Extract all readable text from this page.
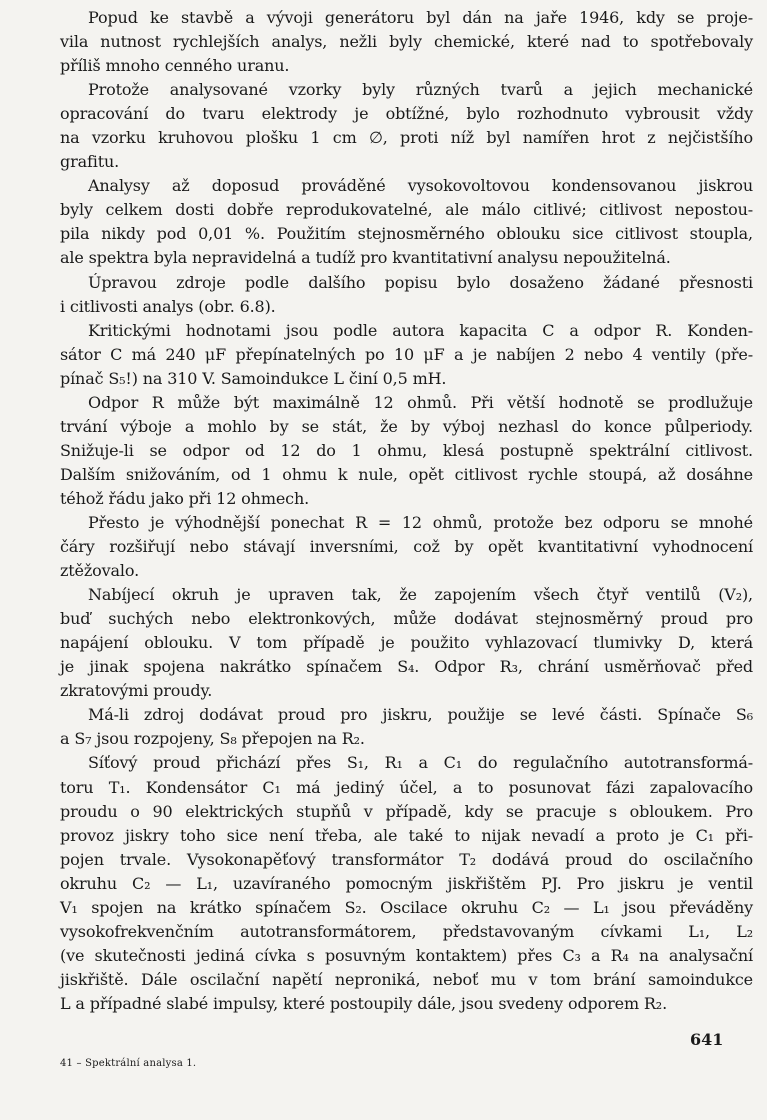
Popud ke stavbě a vývoji generátoru byl dán na jaře 1946, kdy se proje-
vila nutnost rychlejších analys, nežli byly chemické, které nad to spotřebovaly
příliš mnoho cenného uranu.
Protože analysované vzorky byly různých tvarů a jejich mechanické
opracování do tvaru elektrody je obtížné, bylo rozhodnuto vybrousit vždy
na vzorku kruhovou plošku 1 cm ∅, proti níž byl namířen hrot z nejčistšího
grafitu.
Analysy až doposud prováděné vysokovoltovou kondensovanou jiskrou
byly celkem dosti dobře reprodukovatelné, ale málo citlivé; citlivost nepostou-
pila nikdy pod 0,01 %. Použitím stejnosměrného oblouku sice citlivost stoupla,
ale spektra byla nepravidelná a tudíž pro kvantitativní analysu nepoužitelná.
Úpravou zdroje podle dalšího popisu bylo dosaženo žádané přesnosti
i citlivosti analys (obr. 6.8).
Kritickými hodnotami jsou podle autora kapacita C a odpor R. Konden-
sátor C má 240 μF přepínatelných po 10 μF a je nabíjen 2 nebo 4 ventily (pře-
pínač S₅!) na 310 V. Samoindukce L činí 0,5 mH.
Odpor R může být maximálně 12 ohmů. Při větší hodnotě se prodlužuje
trvání výboje a mohlo by se stát, že by výboj nezhasl do konce půlperiody.
Snižuje-li se odpor od 12 do 1 ohmu, klesá postupně spektrální citlivost.
Dalším snižováním, od 1 ohmu k nule, opět citlivost rychle stoupá, až dosáhne
téhož řádu jako při 12 ohmech.
Přesto je výhodnější ponechat R = 12 ohmů, protože bez odporu se mnohé
čáry rozšiřují nebo stávají inversními, což by opět kvantitativní vyhodnocení
ztěžovalo.
Nabíjecí okruh je upraven tak, že zapojením všech čtyř ventilů (V₂),
buď suchých nebo elektronkových, může dodávat stejnosměrný proud pro
napájení oblouku. V tom případě je použito vyhlazovací tlumivky D, která
je jinak spojena nakrátko spínačem S₄. Odpor R₃, chrání usměrňovač před
zkratovými proudy.
Má-li zdroj dodávat proud pro jiskru, použije se levé části. Spínače S₆
a S₇ jsou rozpojeny, S₈ přepojen na R₂.
Síťový proud přichází přes S₁, R₁ a C₁ do regulačního autotransformá-
toru T₁. Kondensátor C₁ má jediný účel, a to posunovat fázi zapalovacího
proudu o 90 elektrických stupňů v případě, kdy se pracuje s obloukem. Pro
provoz jiskry toho sice není třeba, ale také to nijak nevadí a proto je C₁ při-
pojen trvale. Vysokonapěťový transformátor T₂ dodává proud do oscilačního
okruhu C₂ — L₁, uzavíraného pomocným jiskřištěm PJ. Pro jiskru je ventil
V₁ spojen na krátko spínačem S₂. Oscilace okruhu C₂ — L₁ jsou převáděny
vysokofrekvenčním autotransformátorem, představovaným cívkami L₁, L₂
(ve skutečnosti jediná cívka s posuvným kontaktem) přes C₃ a R₄ na analysační
jiskřiště. Dále oscilační napětí neproniká, neboť mu v tom brání samoindukce
L a případné slabé impulsy, které postoupily dále, jsou svedeny odporem R₂.
41 – Spektrální analysa 1.
641
